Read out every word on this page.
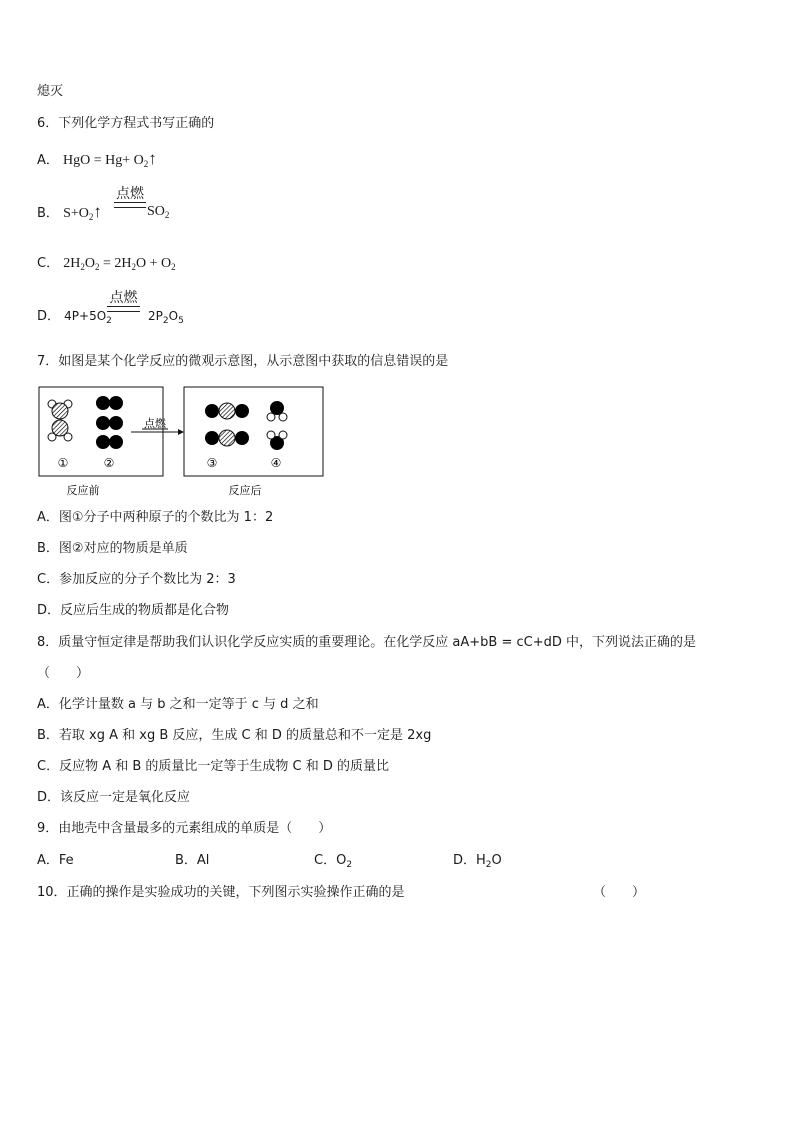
熄灭
6．下列化学方程式书写正确的
A． HgO = $Hg+ O_2↑$
B． $S+O_2↑$
点燃
$SO_2$
C． $2H_2O_2 = 2H_2O + O_2$
D． $4P+5O_2$
点燃
$2P_2O_5$
7．如图是某个化学反应的微观示意图，从示意图中获取的信息错误的是
①	②
点燃
③	④
反应前	反应后
A．图①分子中两种原子的个数比为 1：2
B．图②对应的物质是单质
C．参加反应的分子个数比为 2：3
D．反应后生成的物质都是化合物
8．质量守恒定律是帮助我们认识化学反应实质的重要理论。在化学反应 aA+bB = cC+dD 中，下列说法正确的是
（　　）
A．化学计量数 a 与 b 之和一定等于 c 与 d 之和
B．若取 xg A 和 xg B 反应，生成 C 和 D 的质量总和不一定是 2xg
C．反应物 A 和 B 的质量比一定等于生成物 C 和 D 的质量比
D．该反应一定是氧化反应
9．由地壳中含量最多的元素组成的单质是（　　）
A．Fe	B．Al	C．$O_2$	D．$H_2O$
10．正确的操作是实验成功的关键，下列图示实验操作正确的是	（　　）
